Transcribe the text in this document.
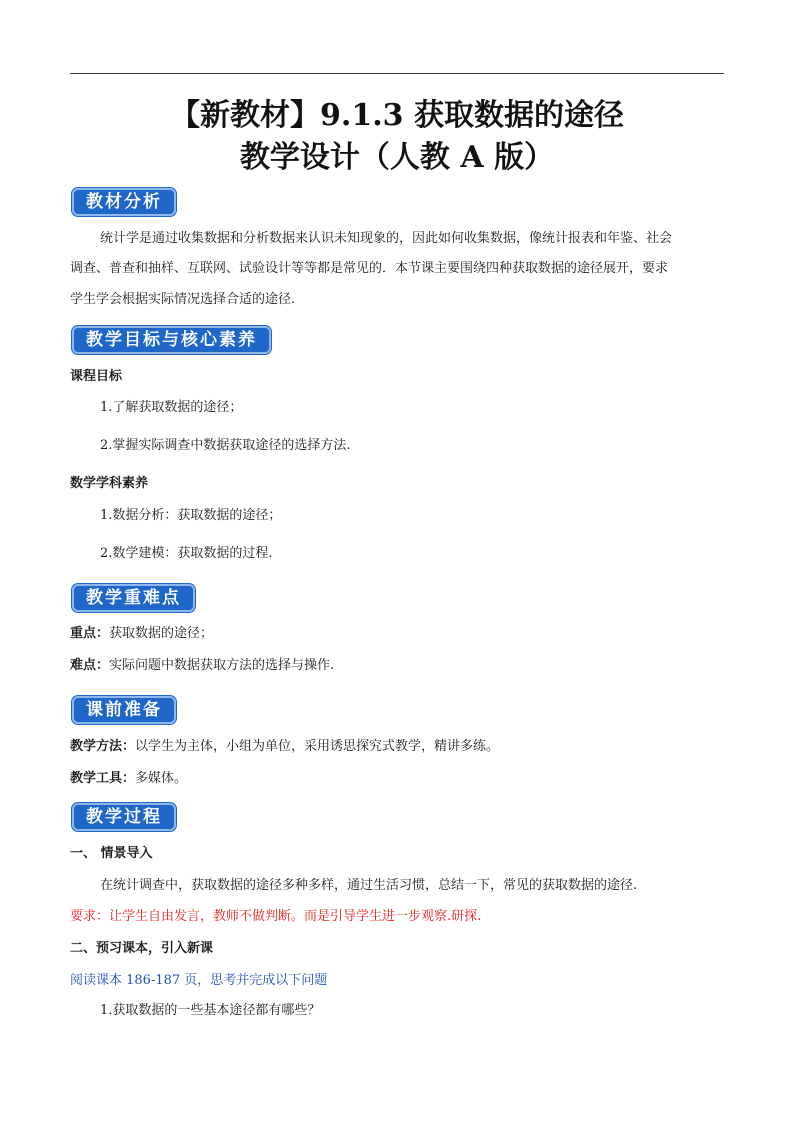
【新教材】9.1.3 获取数据的途径
教学设计（人教 A 版）
教材分析
统计学是通过收集数据和分析数据来认识未知现象的，因此如何收集数据，像统计报表和年鉴、社会
调查、普查和抽样、互联网、试验设计等等都是常见的．本节课主要围绕四种获取数据的途径展开，要求
学生学会根据实际情况选择合适的途径.
教学目标与核心素养
课程目标
1.了解获取数据的途径；
2.掌握实际调查中数据获取途径的选择方法.
数学学科素养
1.数据分析：获取数据的途径；
2.数学建模：获取数据的过程.
教学重难点
重点：获取数据的途径；
难点：实际问题中数据获取方法的选择与操作.
课前准备
教学方法：以学生为主体，小组为单位，采用诱思探究式教学，精讲多练。
教学工具：多媒体。
教学过程
一、 情景导入
在统计调查中，获取数据的途径多种多样，通过生活习惯，总结一下，常见的获取数据的途径.
要求：让学生自由发言，教师不做判断。而是引导学生进一步观察.研探.
二、预习课本，引入新课
阅读课本 186-187 页，思考并完成以下问题
1.获取数据的一些基本途径都有哪些？
